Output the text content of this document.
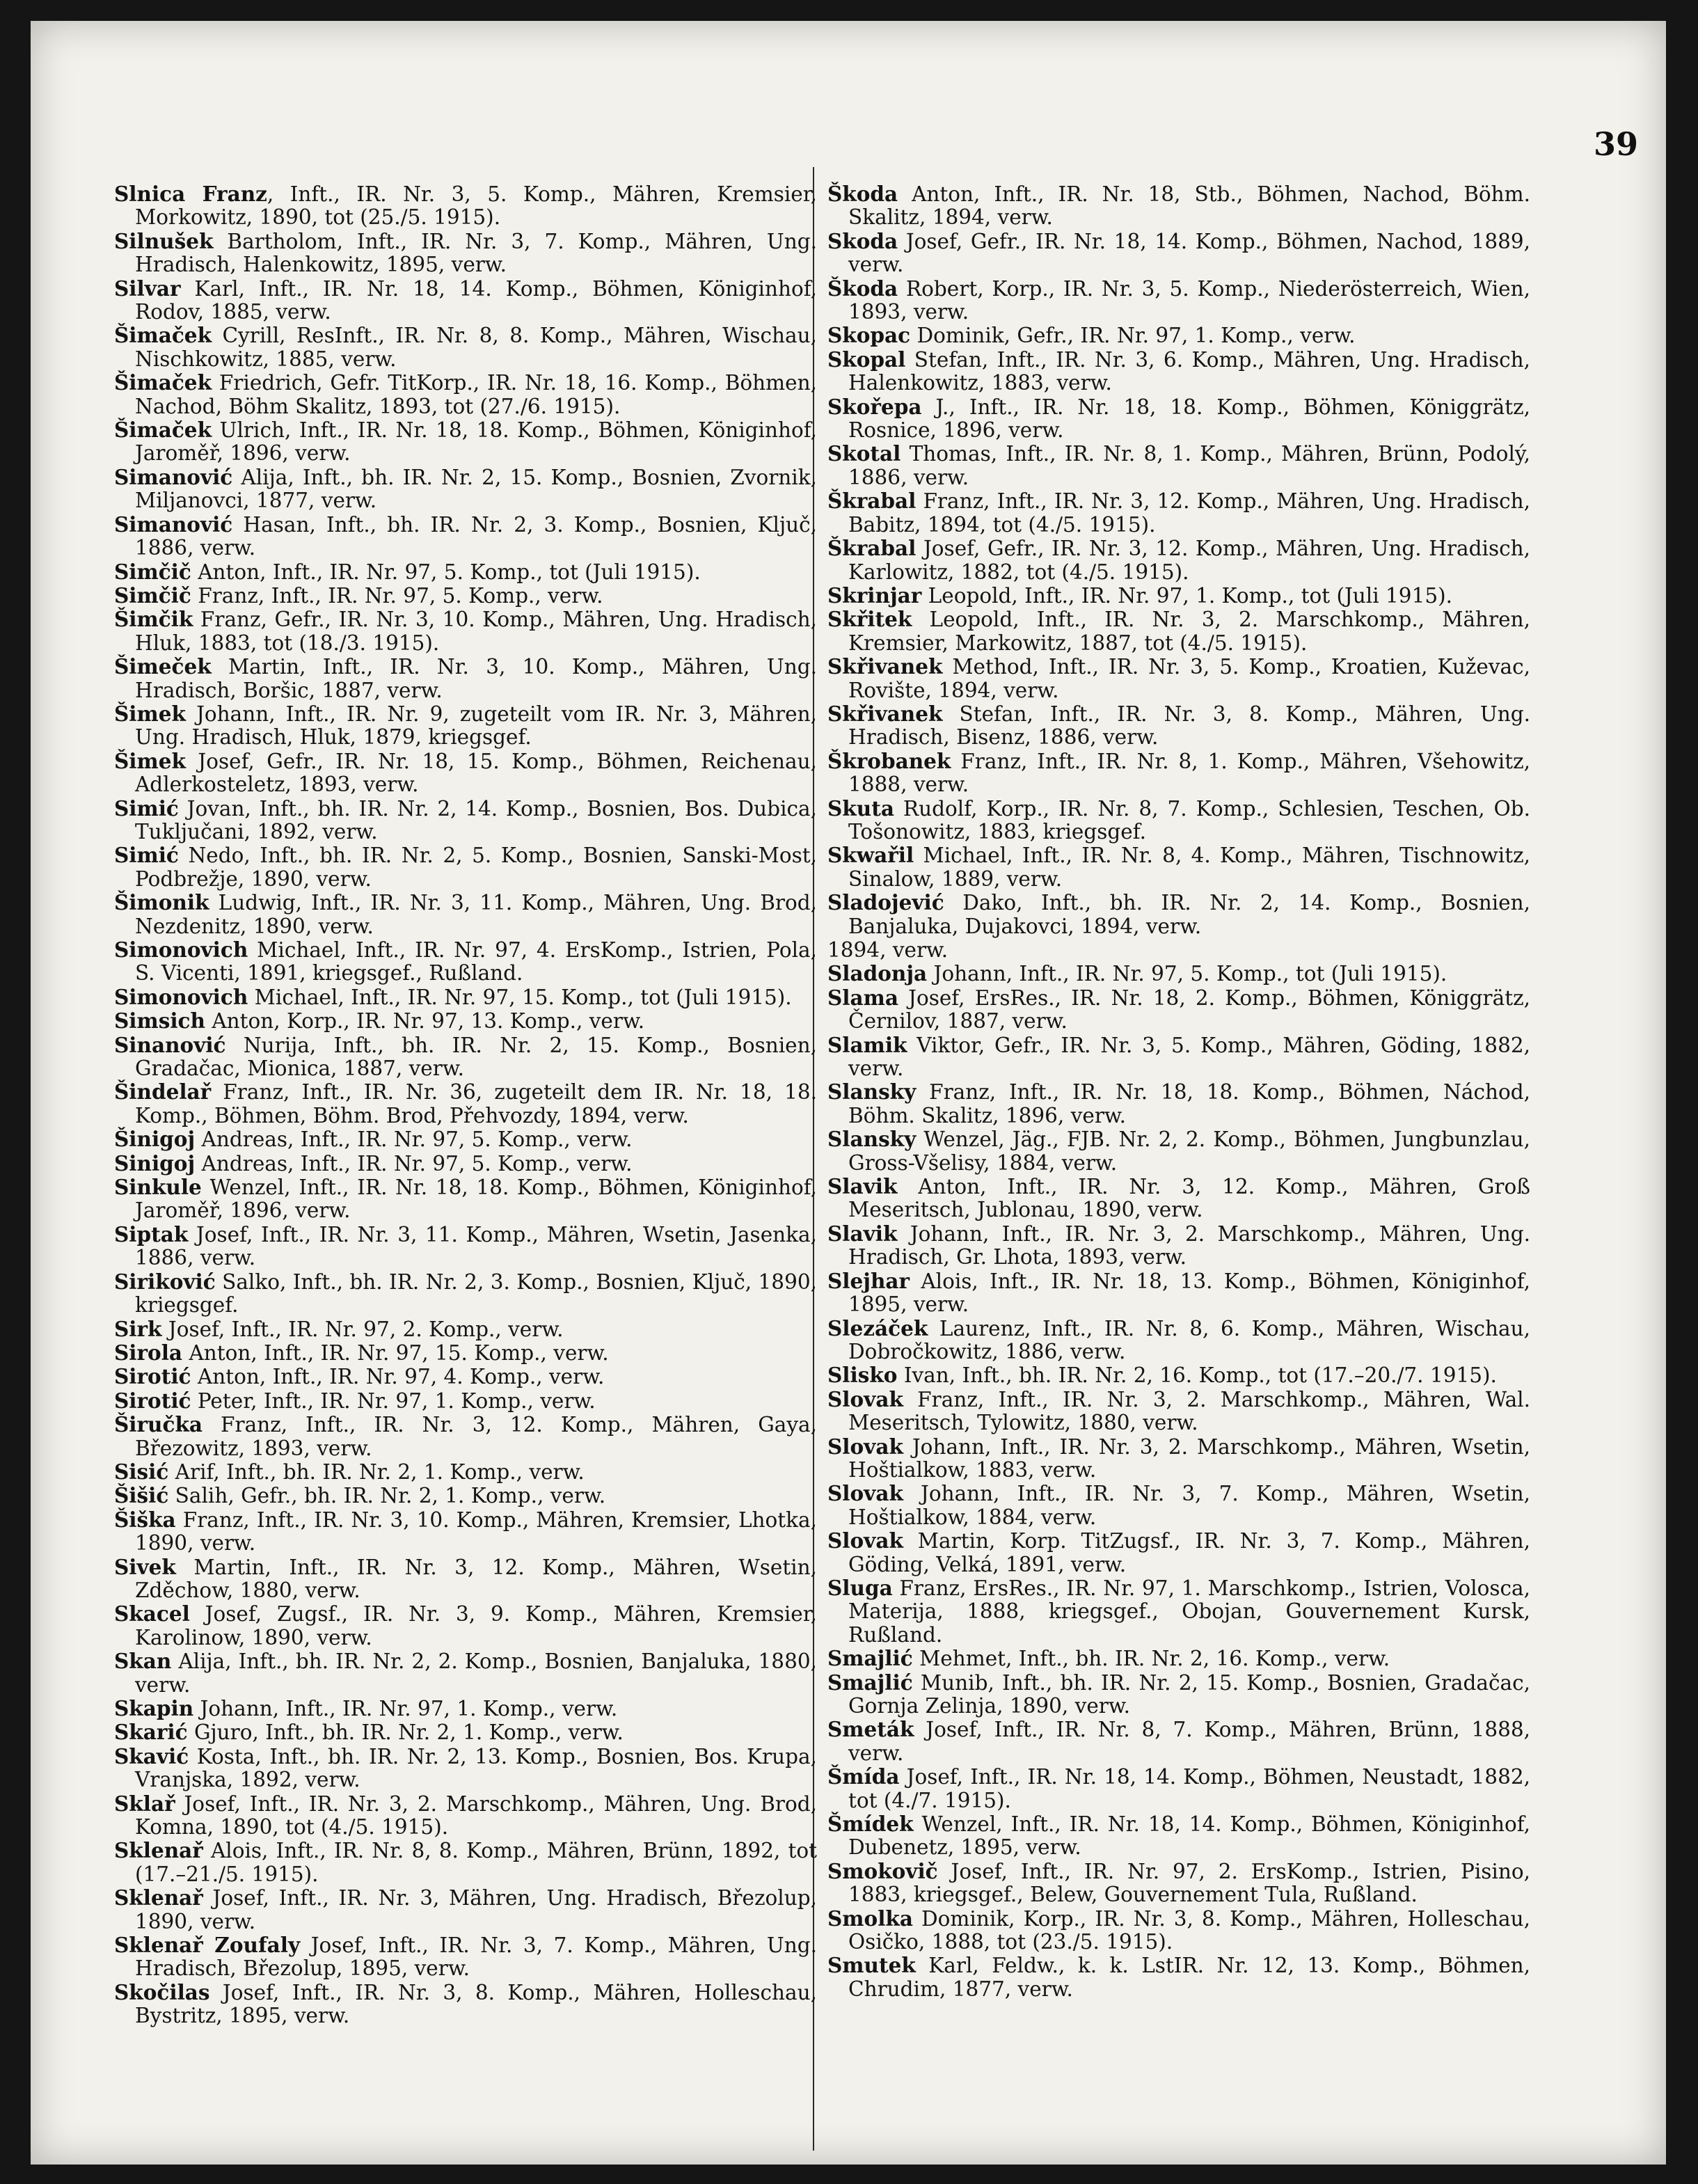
39

Slnica Franz, Inft., IR. Nr. 3, 5. Komp., Mähren, Kremsier, Morkowitz, 1890, tot (25./5. 1915).

Silnušek Bartholom, Inft., IR. Nr. 3, 7. Komp., Mähren, Ung. Hradisch, Halenkowitz, 1895, verw.

Silvar Karl, Inft., IR. Nr. 18, 14. Komp., Böhmen, Königinhof, Rodov, 1885, verw.

Šimaček Cyrill, ResInft., IR. Nr. 8, 8. Komp., Mähren, Wischau, Nischkowitz, 1885, verw.

Šimaček Friedrich, Gefr. TitKorp., IR. Nr. 18, 16. Komp., Böhmen, Nachod, Böhm Skalitz, 1893, tot (27./6. 1915).

Šimaček Ulrich, Inft., IR. Nr. 18, 18. Komp., Böhmen, Königinhof, Jaroměř, 1896, verw.

Simanović Alija, Inft., bh. IR. Nr. 2, 15. Komp., Bosnien, Zvornik, Miljanovci, 1877, verw.

Simanović Hasan, Inft., bh. IR. Nr. 2, 3. Komp., Bosnien, Ključ, 1886, verw.

Simčič Anton, Inft., IR. Nr. 97, 5. Komp., tot (Juli 1915).

Simčič Franz, Inft., IR. Nr. 97, 5. Komp., verw.

Šimčik Franz, Gefr., IR. Nr. 3, 10. Komp., Mähren, Ung. Hradisch, Hluk, 1883, tot (18./3. 1915).

Šimeček Martin, Inft., IR. Nr. 3, 10. Komp., Mähren, Ung. Hradisch, Boršic, 1887, verw.

Šimek Johann, Inft., IR. Nr. 9, zugeteilt vom IR. Nr. 3, Mähren, Ung. Hradisch, Hluk, 1879, kriegsgef.

Šimek Josef, Gefr., IR. Nr. 18, 15. Komp., Böhmen, Reichenau, Adlerkosteletz, 1893, verw.

Simić Jovan, Inft., bh. IR. Nr. 2, 14. Komp., Bosnien, Bos. Dubica, Tuključani, 1892, verw.

Simić Nedo, Inft., bh. IR. Nr. 2, 5. Komp., Bosnien, Sanski-Most, Podbrežje, 1890, verw.

Šimonik Ludwig, Inft., IR. Nr. 3, 11. Komp., Mähren, Ung. Brod, Nezdenitz, 1890, verw.

Simonovich Michael, Inft., IR. Nr. 97, 4. ErsKomp., Istrien, Pola, S. Vicenti, 1891, kriegsgef., Rußland.

Simonovich Michael, Inft., IR. Nr. 97, 15. Komp., tot (Juli 1915).

Simsich Anton, Korp., IR. Nr. 97, 13. Komp., verw.

Sinanović Nurija, Inft., bh. IR. Nr. 2, 15. Komp., Bosnien, Gradačac, Mionica, 1887, verw.

Šindelař Franz, Inft., IR. Nr. 36, zugeteilt dem IR. Nr. 18, 18. Komp., Böhmen, Böhm. Brod, Přehvozdy, 1894, verw.

Šinigoj Andreas, Inft., IR. Nr. 97, 5. Komp., verw.

Sinigoj Andreas, Inft., IR. Nr. 97, 5. Komp., verw.

Sinkule Wenzel, Inft., IR. Nr. 18, 18. Komp., Böhmen, Königinhof, Jaroměř, 1896, verw.

Siptak Josef, Inft., IR. Nr. 3, 11. Komp., Mähren, Wsetin, Jasenka, 1886, verw.

Siriković Salko, Inft., bh. IR. Nr. 2, 3. Komp., Bosnien, Ključ, 1890, kriegsgef.

Sirk Josef, Inft., IR. Nr. 97, 2. Komp., verw.

Sirola Anton, Inft., IR. Nr. 97, 15. Komp., verw.

Sirotić Anton, Inft., IR. Nr. 97, 4. Komp., verw.

Sirotić Peter, Inft., IR. Nr. 97, 1. Komp., verw.

Širučka Franz, Inft., IR. Nr. 3, 12. Komp., Mähren, Gaya, Březowitz, 1893, verw.

Sisić Arif, Inft., bh. IR. Nr. 2, 1. Komp., verw.

Šišić Salih, Gefr., bh. IR. Nr. 2, 1. Komp., verw.

Šiška Franz, Inft., IR. Nr. 3, 10. Komp., Mähren, Kremsier, Lhotka, 1890, verw.

Sivek Martin, Inft., IR. Nr. 3, 12. Komp., Mähren, Wsetin, Zděchow, 1880, verw.

Skacel Josef, Zugsf., IR. Nr. 3, 9. Komp., Mähren, Kremsier, Karolinow, 1890, verw.

Skan Alija, Inft., bh. IR. Nr. 2, 2. Komp., Bosnien, Banjaluka, 1880, verw.

Skapin Johann, Inft., IR. Nr. 97, 1. Komp., verw.

Skarić Gjuro, Inft., bh. IR. Nr. 2, 1. Komp., verw.

Skavić Kosta, Inft., bh. IR. Nr. 2, 13. Komp., Bosnien, Bos. Krupa, Vranjska, 1892, verw.

Sklař Josef, Inft., IR. Nr. 3, 2. Marschkomp., Mähren, Ung. Brod, Komna, 1890, tot (4./5. 1915).

Sklenař Alois, Inft., IR. Nr. 8, 8. Komp., Mähren, Brünn, 1892, tot (17.–21./5. 1915).

Sklenař Josef, Inft., IR. Nr. 3, Mähren, Ung. Hradisch, Březolup, 1890, verw.

Sklenař Zoufaly Josef, Inft., IR. Nr. 3, 7. Komp., Mähren, Ung. Hradisch, Březolup, 1895, verw.

Skočilas Josef, Inft., IR. Nr. 3, 8. Komp., Mähren, Holleschau, Bystritz, 1895, verw.

Škoda Anton, Inft., IR. Nr. 18, Stb., Böhmen, Nachod, Böhm. Skalitz, 1894, verw.

Skoda Josef, Gefr., IR. Nr. 18, 14. Komp., Böhmen, Nachod, 1889, verw.

Škoda Robert, Korp., IR. Nr. 3, 5. Komp., Niederösterreich, Wien, 1893, verw.

Skopac Dominik, Gefr., IR. Nr. 97, 1. Komp., verw.

Skopal Stefan, Inft., IR. Nr. 3, 6. Komp., Mähren, Ung. Hradisch, Halenkowitz, 1883, verw.

Skořepa J., Inft., IR. Nr. 18, 18. Komp., Böhmen, Königgrätz, Rosnice, 1896, verw.

Skotal Thomas, Inft., IR. Nr. 8, 1. Komp., Mähren, Brünn, Podolý, 1886, verw.

Škrabal Franz, Inft., IR. Nr. 3, 12. Komp., Mähren, Ung. Hradisch, Babitz, 1894, tot (4./5. 1915).

Škrabal Josef, Gefr., IR. Nr. 3, 12. Komp., Mähren, Ung. Hradisch, Karlowitz, 1882, tot (4./5. 1915).

Skrinjar Leopold, Inft., IR. Nr. 97, 1. Komp., tot (Juli 1915).

Skřitek Leopold, Inft., IR. Nr. 3, 2. Marschkomp., Mähren, Kremsier, Markowitz, 1887, tot (4./5. 1915).

Skřivanek Method, Inft., IR. Nr. 3, 5. Komp., Kroatien, Kuževac, Rovište, 1894, verw.

Skřivanek Stefan, Inft., IR. Nr. 3, 8. Komp., Mähren, Ung. Hradisch, Bisenz, 1886, verw.

Škrobanek Franz, Inft., IR. Nr. 8, 1. Komp., Mähren, Všehowitz, 1888, verw.

Skuta Rudolf, Korp., IR. Nr. 8, 7. Komp., Schlesien, Teschen, Ob. Tošonowitz, 1883, kriegsgef.

Skwařil Michael, Inft., IR. Nr. 8, 4. Komp., Mähren, Tischnowitz, Sinalow, 1889, verw.

Sladojević Dako, Inft., bh. IR. Nr. 2, 14. Komp., Bosnien, Banjaluka, Dujakovci, 1894, verw.

1894, verw.

Sladonja Johann, Inft., IR. Nr. 97, 5. Komp., tot (Juli 1915).

Slama Josef, ErsRes., IR. Nr. 18, 2. Komp., Böhmen, Königgrätz, Černilov, 1887, verw.

Slamik Viktor, Gefr., IR. Nr. 3, 5. Komp., Mähren, Göding, 1882, verw.

Slansky Franz, Inft., IR. Nr. 18, 18. Komp., Böhmen, Náchod, Böhm. Skalitz, 1896, verw.

Slansky Wenzel, Jäg., FJB. Nr. 2, 2. Komp., Böhmen, Jungbunzlau, Gross-Všelisy, 1884, verw.

Slavik Anton, Inft., IR. Nr. 3, 12. Komp., Mähren, Groß Meseritsch, Jublonau, 1890, verw.

Slavik Johann, Inft., IR. Nr. 3, 2. Marschkomp., Mähren, Ung. Hradisch, Gr. Lhota, 1893, verw.

Slejhar Alois, Inft., IR. Nr. 18, 13. Komp., Böhmen, Königinhof, 1895, verw.

Slezáček Laurenz, Inft., IR. Nr. 8, 6. Komp., Mähren, Wischau, Dobročkowitz, 1886, verw.

Slisko Ivan, Inft., bh. IR. Nr. 2, 16. Komp., tot (17.–20./7. 1915).

Slovak Franz, Inft., IR. Nr. 3, 2. Marschkomp., Mähren, Wal. Meseritsch, Tylowitz, 1880, verw.

Slovak Johann, Inft., IR. Nr. 3, 2. Marschkomp., Mähren, Wsetin, Hoštialkow, 1883, verw.

Slovak Johann, Inft., IR. Nr. 3, 7. Komp., Mähren, Wsetin, Hoštialkow, 1884, verw.

Slovak Martin, Korp. TitZugsf., IR. Nr. 3, 7. Komp., Mähren, Göding, Velká, 1891, verw.

Sluga Franz, ErsRes., IR. Nr. 97, 1. Marschkomp., Istrien, Volosca, Materija, 1888, kriegsgef., Obojan, Gouvernement Kursk, Rußland.

Smajlić Mehmet, Inft., bh. IR. Nr. 2, 16. Komp., verw.

Smajlić Munib, Inft., bh. IR. Nr. 2, 15. Komp., Bosnien, Gradačac, Gornja Zelinja, 1890, verw.

Smeták Josef, Inft., IR. Nr. 8, 7. Komp., Mähren, Brünn, 1888, verw.

Šmída Josef, Inft., IR. Nr. 18, 14. Komp., Böhmen, Neustadt, 1882, tot (4./7. 1915).

Šmídek Wenzel, Inft., IR. Nr. 18, 14. Komp., Böhmen, Königinhof, Dubenetz, 1895, verw.

Smokovič Josef, Inft., IR. Nr. 97, 2. ErsKomp., Istrien, Pisino, 1883, kriegsgef., Belew, Gouvernement Tula, Rußland.

Smolka Dominik, Korp., IR. Nr. 3, 8. Komp., Mähren, Holleschau, Osičko, 1888, tot (23./5. 1915).

Smutek Karl, Feldw., k. k. LstIR. Nr. 12, 13. Komp., Böhmen, Chrudim, 1877, verw.
